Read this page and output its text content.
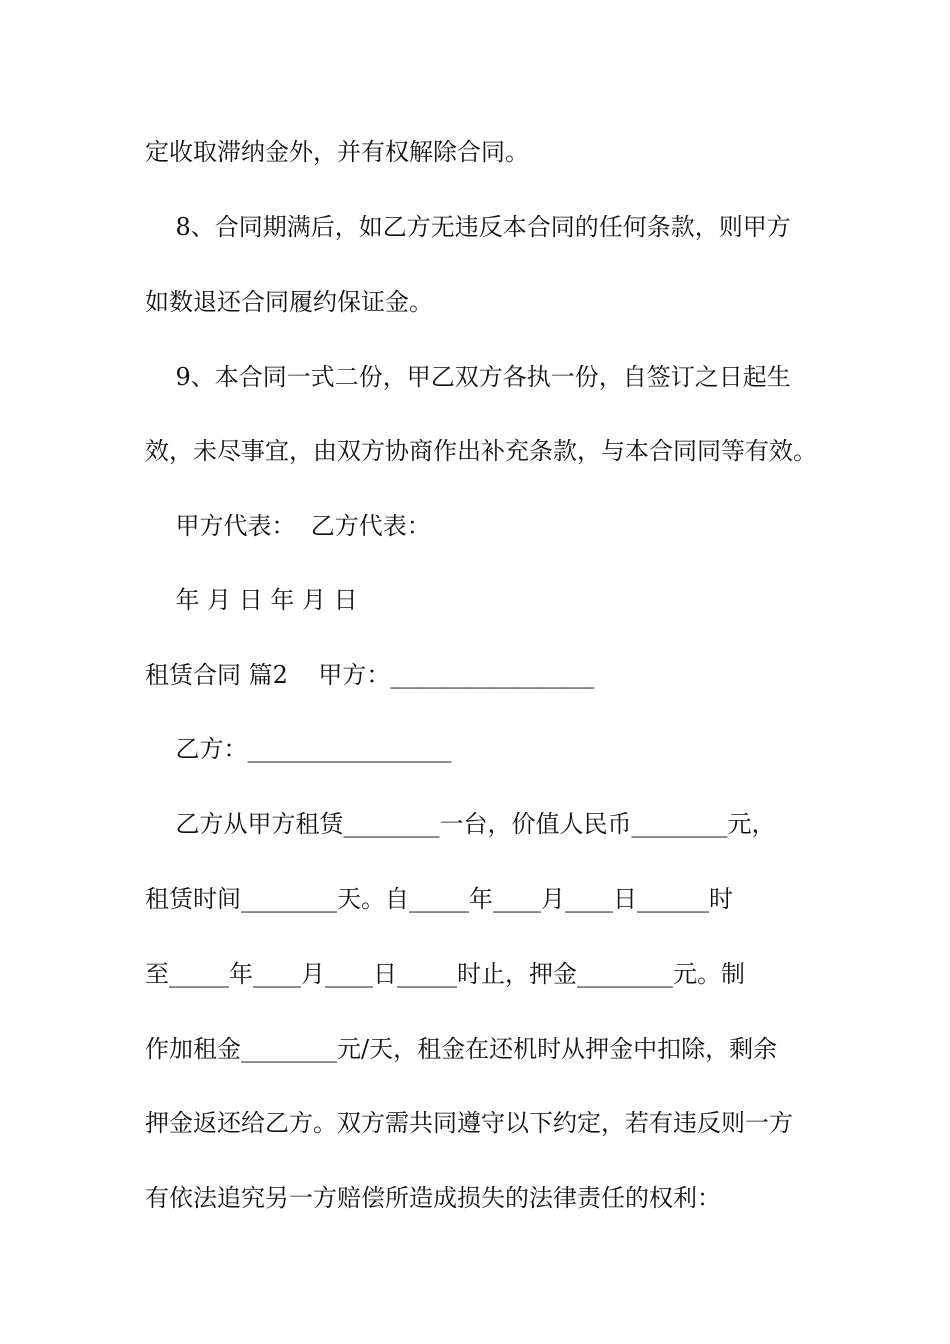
定收取滞纳金外，并有权解除合同。
8、合同期满后，如乙方无违反本合同的任何条款，则甲方
如数退还合同履约保证金。
9、本合同一式二份，甲乙双方各执一份，自签订之日起生
效，未尽事宜，由双方协商作出补充条款，与本合同同等有效。
甲方代表：  乙方代表：
年 月 日 年 月 日
租赁合同 篇2    甲方：_________________
乙方：_________________
乙方从甲方租赁________一台，价值人民币________元，
租赁时间________天。自_____年____月____日______时
至_____年____月____日_____时止，押金________元。制
作加租金________元/天，租金在还机时从押金中扣除，剩余
押金返还给乙方。双方需共同遵守以下约定，若有违反则一方
有依法追究另一方赔偿所造成损失的法律责任的权利：
